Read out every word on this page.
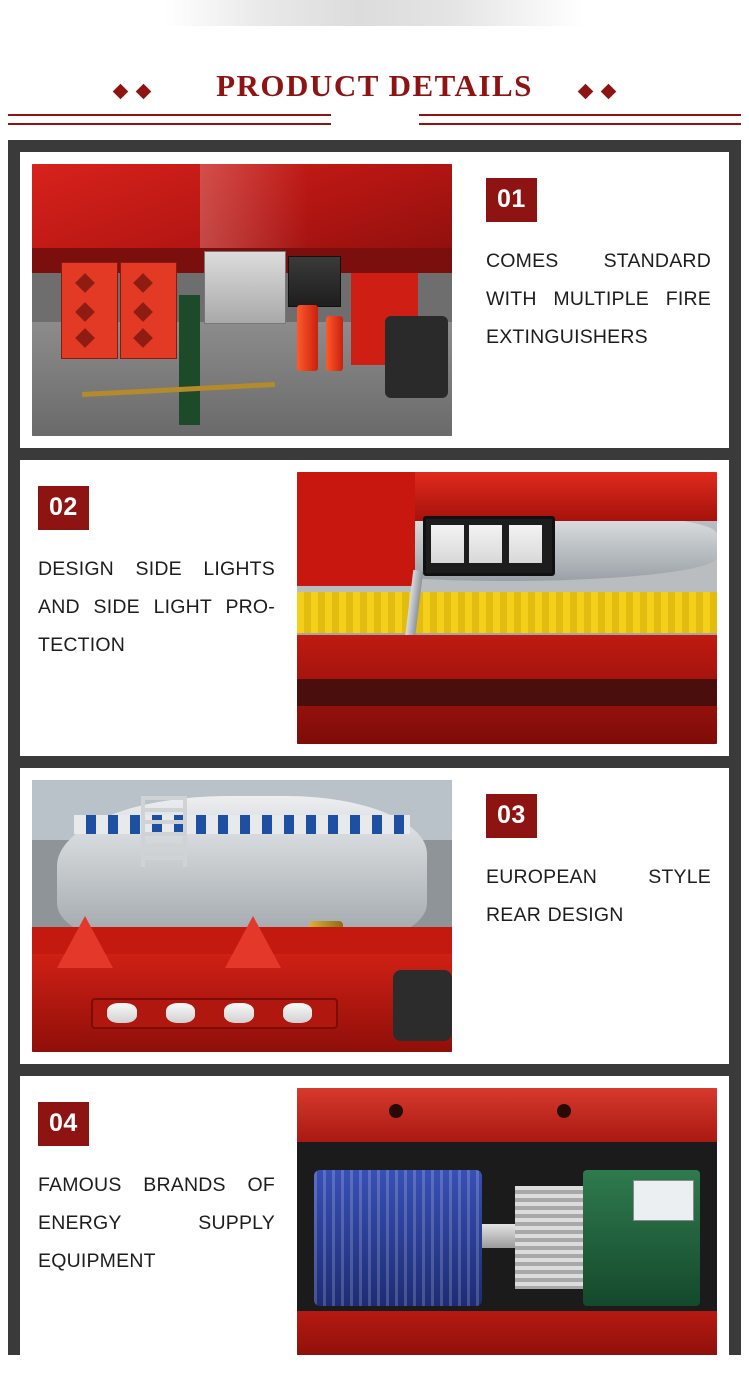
PRODUCT DETAILS
01
COMES STANDARD WITH MULTIPLE FIRE EXTINGUISHERS
02
DESIGN SIDE LIGHTS AND SIDE LIGHT PRO-TECTION
03
EUROPEAN STYLE REAR DESIGN
04
FAMOUS BRANDS OF ENERGY SUPPLY EQUIPMENT
